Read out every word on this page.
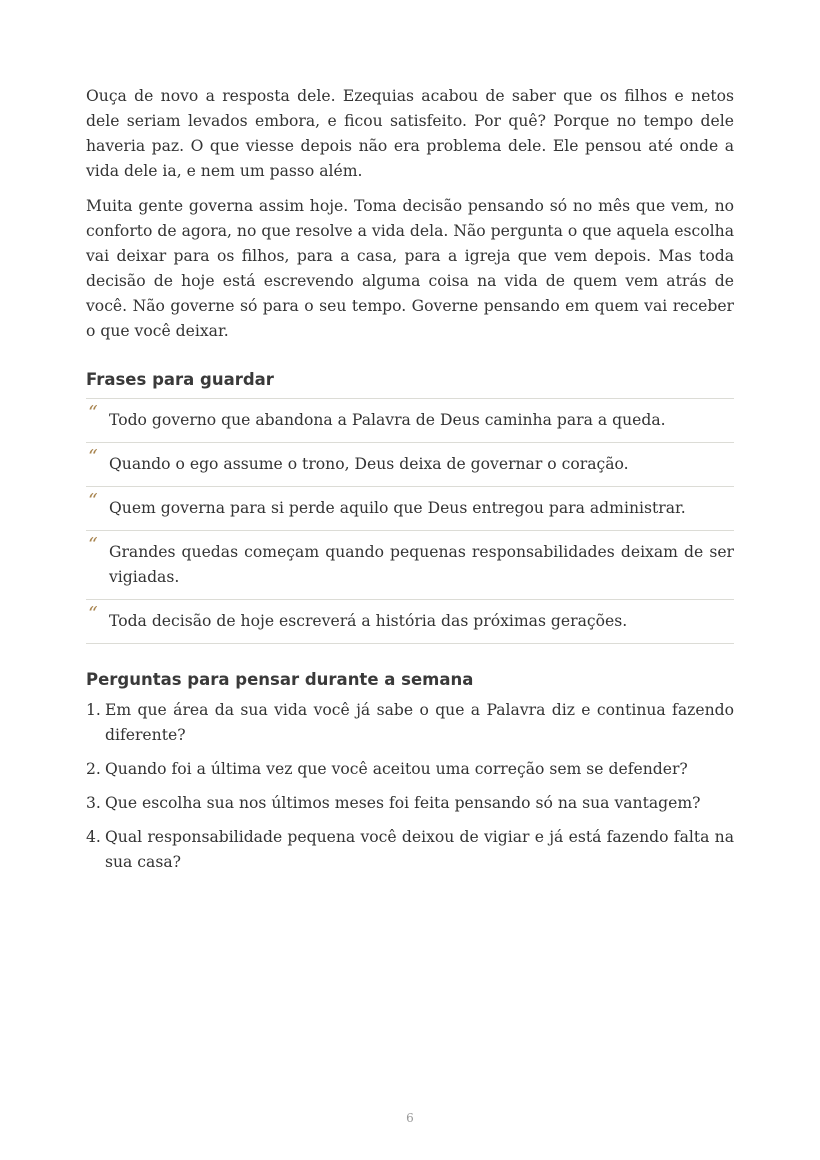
Ouça de novo a resposta dele. Ezequias acabou de saber que os filhos e netos dele seriam levados embora, e ficou satisfeito. Por quê? Porque no tempo dele haveria paz. O que viesse depois não era problema dele. Ele pensou até onde a vida dele ia, e nem um passo além.

Muita gente governa assim hoje. Toma decisão pensando só no mês que vem, no conforto de agora, no que resolve a vida dela. Não pergunta o que aquela escolha vai deixar para os filhos, para a casa, para a igreja que vem depois. Mas toda decisão de hoje está escrevendo alguma coisa na vida de quem vem atrás de você. Não governe só para o seu tempo. Governe pensando em quem vai receber o que você deixar.

Frases para guardar
“ Todo governo que abandona a Palavra de Deus caminha para a queda.
“ Quando o ego assume o trono, Deus deixa de governar o coração.
“ Quem governa para si perde aquilo que Deus entregou para administrar.
“ Grandes quedas começam quando pequenas responsabilidades deixam de ser vigiadas.
“ Toda decisão de hoje escreverá a história das próximas gerações.
Perguntas para pensar durante a semana
1. Em que área da sua vida você já sabe o que a Palavra diz e continua fazendo diferente?
2. Quando foi a última vez que você aceitou uma correção sem se defender?
3. Que escolha sua nos últimos meses foi feita pensando só na sua vantagem?
4. Qual responsabilidade pequena você deixou de vigiar e já está fazendo falta na sua casa?
6
